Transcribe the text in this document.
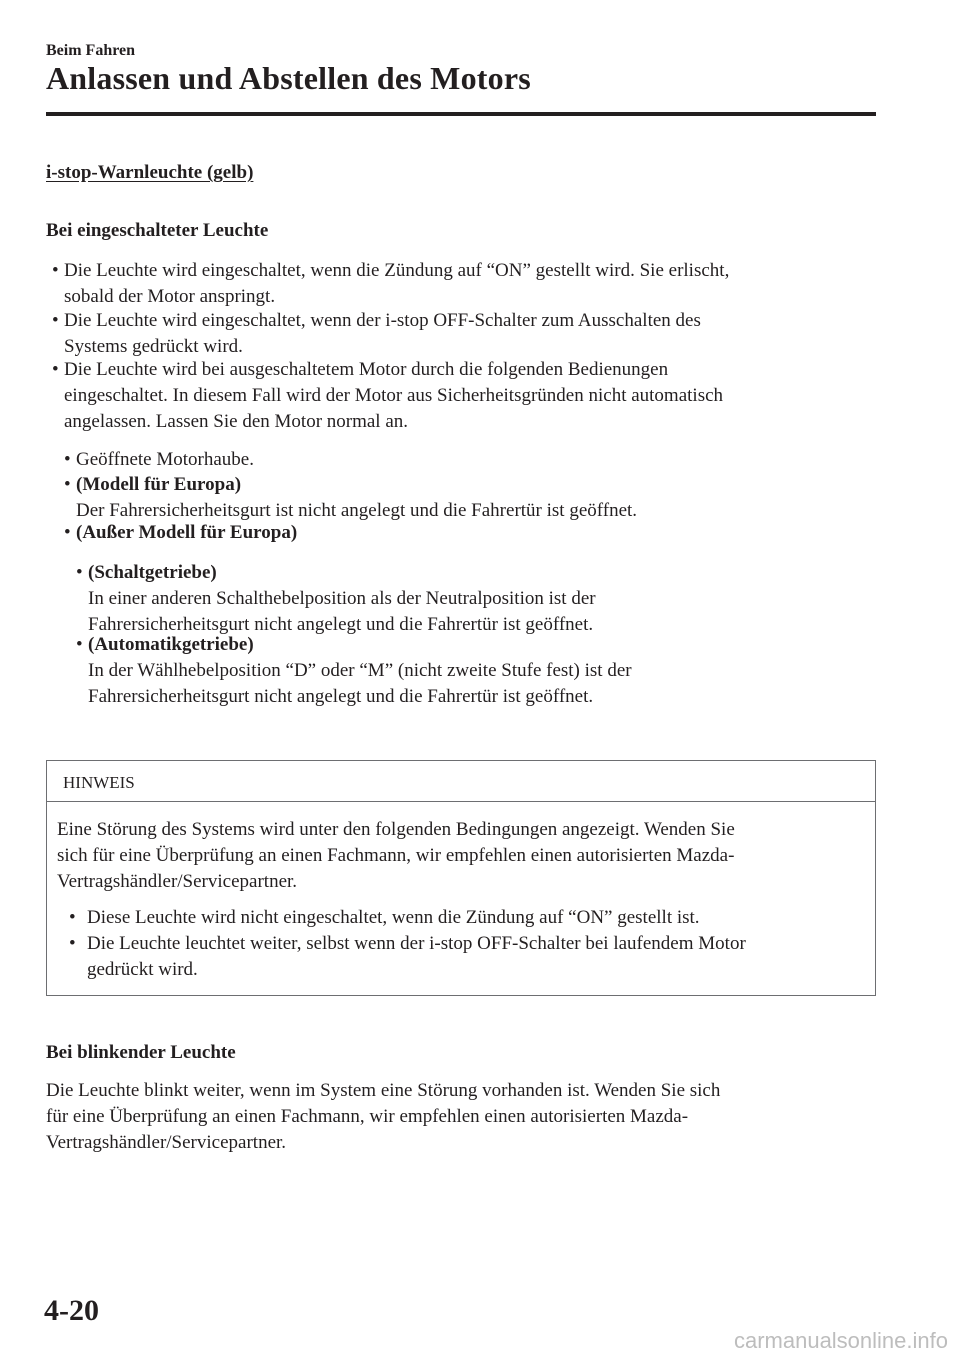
Beim Fahren
Anlassen und Abstellen des Motors
i-stop-Warnleuchte (gelb)
Bei eingeschalteter Leuchte
• Die Leuchte wird eingeschaltet, wenn die Zündung auf “ON” gestellt wird. Sie erlischt,
sobald der Motor anspringt.
• Die Leuchte wird eingeschaltet, wenn der i-stop OFF-Schalter zum Ausschalten des
Systems gedrückt wird.
• Die Leuchte wird bei ausgeschaltetem Motor durch die folgenden Bedienungen
eingeschaltet. In diesem Fall wird der Motor aus Sicherheitsgründen nicht automatisch
angelassen. Lassen Sie den Motor normal an.
• Geöffnete Motorhaube.
• (Modell für Europa)
Der Fahrersicherheitsgurt ist nicht angelegt und die Fahrertür ist geöffnet.
• (Außer Modell für Europa)
• (Schaltgetriebe)
In einer anderen Schalthebelposition als der Neutralposition ist der
Fahrersicherheitsgurt nicht angelegt und die Fahrertür ist geöffnet.
• (Automatikgetriebe)
In der Wählhebelposition “D” oder “M” (nicht zweite Stufe fest) ist der
Fahrersicherheitsgurt nicht angelegt und die Fahrertür ist geöffnet.
HINWEIS
Eine Störung des Systems wird unter den folgenden Bedingungen angezeigt. Wenden Sie
sich für eine Überprüfung an einen Fachmann, wir empfehlen einen autorisierten Mazda-
Vertragshändler/Servicepartner.
• Diese Leuchte wird nicht eingeschaltet, wenn die Zündung auf “ON” gestellt ist.
• Die Leuchte leuchtet weiter, selbst wenn der i-stop OFF-Schalter bei laufendem Motor
gedrückt wird.
Bei blinkender Leuchte
Die Leuchte blinkt weiter, wenn im System eine Störung vorhanden ist. Wenden Sie sich
für eine Überprüfung an einen Fachmann, wir empfehlen einen autorisierten Mazda-
Vertragshändler/Servicepartner.
4-20
carmanualsonline.info
